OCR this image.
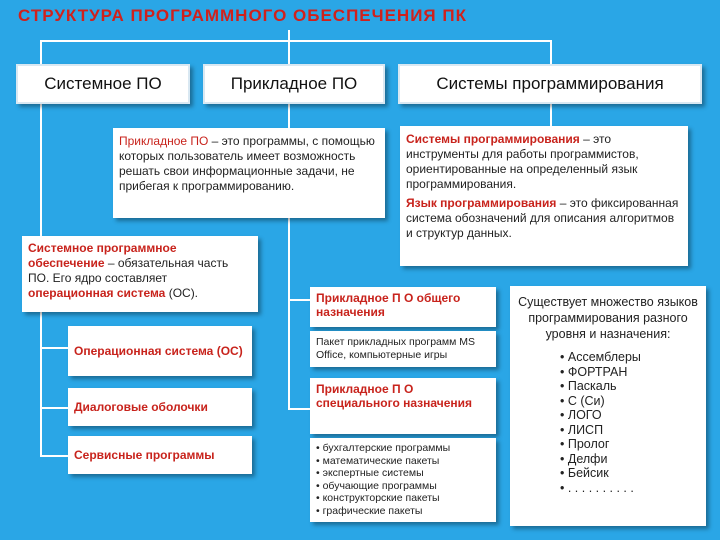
СТРУКТУРА ПРОГРАММНОГО ОБЕСПЕЧЕНИЯ ПК
Системное ПО	Прикладное ПО	Системы программирования
Прикладное ПО – это программы, с помощью которых пользователь имеет возможность решать свои информационные задачи, не прибегая к программированию.
Системы программирования – это инструменты для работы программистов, ориентированные на определенный язык программирования.
Язык программирования – это фиксированная система обозначений для описания алгоритмов и структур данных.
Системное программное обеспечение – обязательная часть ПО. Его ядро составляет операционная система (ОС).
Операционная система (ОС)
Диалоговые оболочки
Сервисные программы
Прикладное П О общего назначения
Пакет прикладных программ MS Office, компьютерные игры
Прикладное П О специального назначения
• бухгалтерские программы
• математические пакеты
• экспертные системы
• обучающие программы
• конструкторские пакеты
• графические пакеты
Существует множество языков программирования разного уровня и назначения:
• Ассемблеры
• ФОРТРАН
• Паскаль
• С (Си)
• ЛОГО
• ЛИСП
• Пролог
• Делфи
• Бейсик
• . . . . . . . . . .
